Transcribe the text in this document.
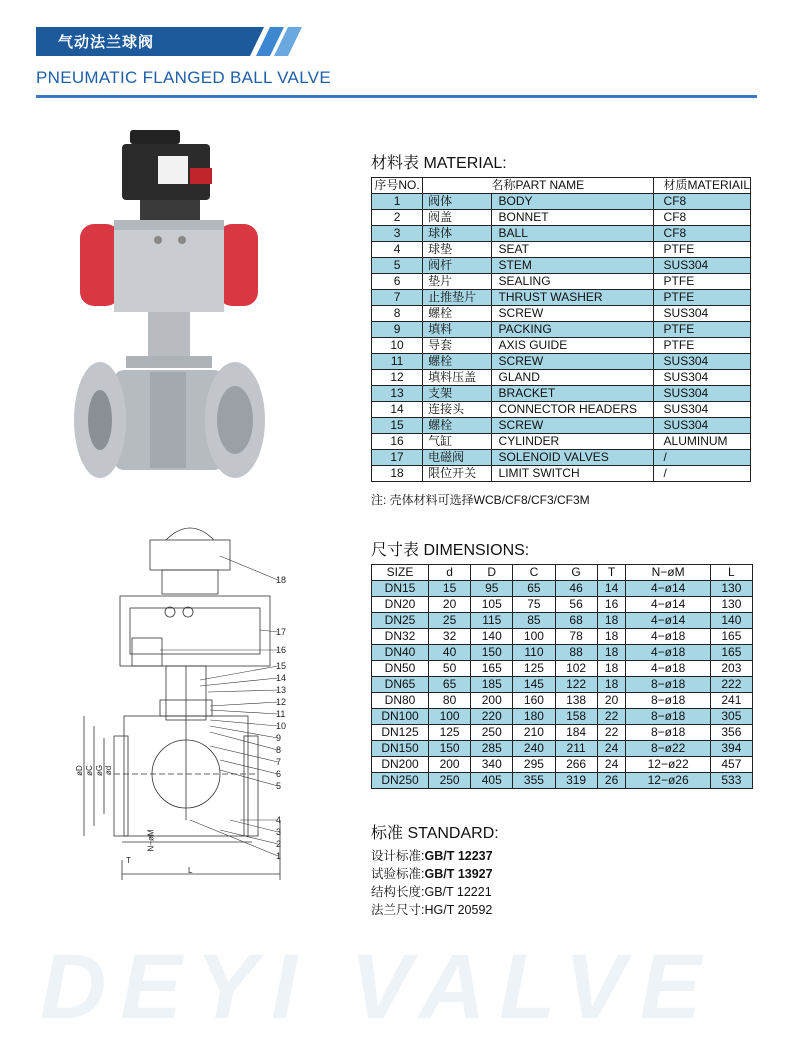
气动法兰球阀
PNEUMATIC FLANGED BALL VALVE
18
17
16
15
14
13
12
11
10
9
8
7
6
5
4
3
2
1
øD øC øG ød
N−øM
T
L
材料表 MATERIAL:
序号NO.	名称PART NAME		材质MATERIAIL
1	阀体	BODY	CF8
2	阀盖	BONNET	CF8
3	球体	BALL	CF8
4	球垫	SEAT	PTFE
5	阀杆	STEM	SUS304
6	垫片	SEALING	PTFE
7	止推垫片	THRUST WASHER	PTFE
8	螺栓	SCREW	SUS304
9	填料	PACKING	PTFE
10	导套	AXIS GUIDE	PTFE
11	螺栓	SCREW	SUS304
12	填料压盖	GLAND	SUS304
13	支架	BRACKET	SUS304
14	连接头	CONNECTOR HEADERS	SUS304
15	螺栓	SCREW	SUS304
16	气缸	CYLINDER	ALUMINUM
17	电磁阀	SOLENOID VALVES	/
18	限位开关	LIMIT SWITCH	/
注: 壳体材料可选择WCB/CF8/CF3/CF3M
尺寸表 DIMENSIONS:
SIZE	d	D	C	G	T	N−øM	L
DN15	15	95	65	46	14	4−ø14	130
DN20	20	105	75	56	16	4−ø14	130
DN25	25	115	85	68	18	4−ø14	140
DN32	32	140	100	78	18	4−ø18	165
DN40	40	150	110	88	18	4−ø18	165
DN50	50	165	125	102	18	4−ø18	203
DN65	65	185	145	122	18	8−ø18	222
DN80	80	200	160	138	20	8−ø18	241
DN100	100	220	180	158	22	8−ø18	305
DN125	125	250	210	184	22	8−ø18	356
DN150	150	285	240	211	24	8−ø22	394
DN200	200	340	295	266	24	12−ø22	457
DN250	250	405	355	319	26	12−ø26	533
标准 STANDARD:
设计标准:GB/T 12237
试验标准:GB/T 13927
结构长度:GB/T 12221
法兰尺寸:HG/T 20592
DEYI VALVE
